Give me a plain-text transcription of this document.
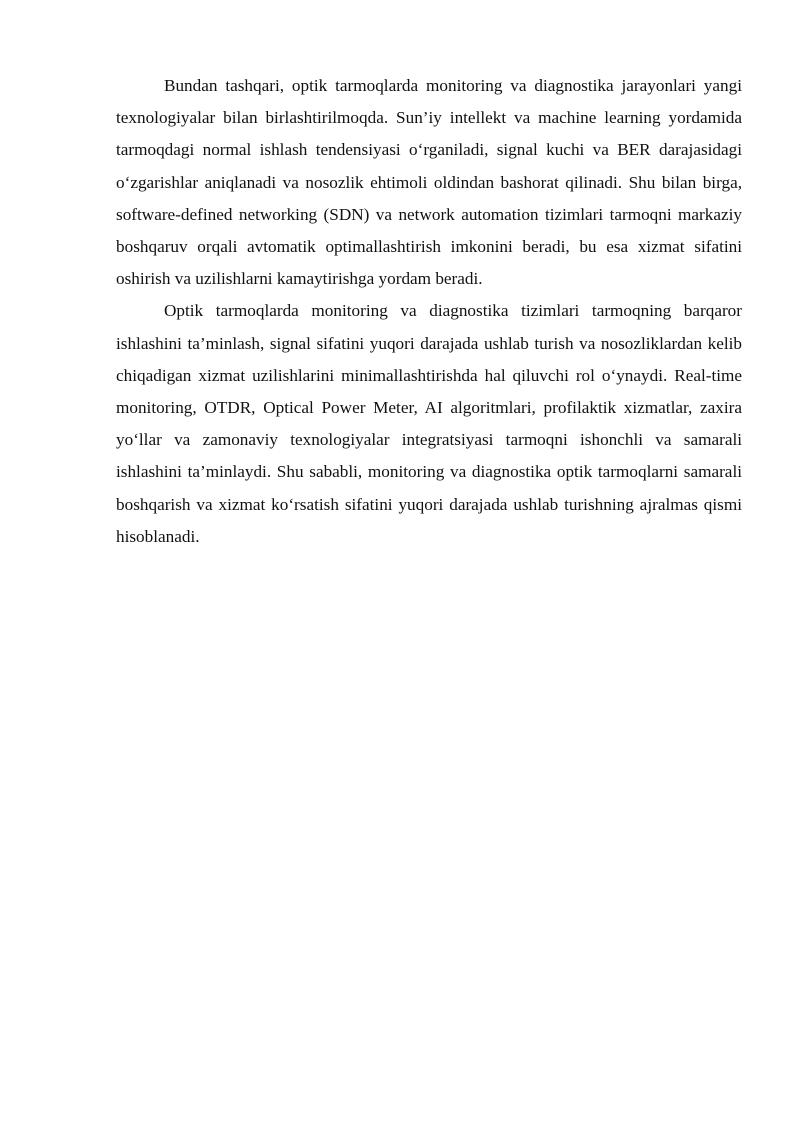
Bundan tashqari, optik tarmoqlarda monitoring va diagnostika jarayonlari yangi texnologiyalar bilan birlashtirilmoqda. Sun’iy intellekt va machine learning yordamida tarmoqdagi normal ishlash tendensiyasi o‘rganiladi, signal kuchi va BER darajasidagi o‘zgarishlar aniqlanadi va nosozlik ehtimoli oldindan bashorat qilinadi. Shu bilan birga, software-defined networking (SDN) va network automation tizimlari tarmoqni markaziy boshqaruv orqali avtomatik optimallashtirish imkonini beradi, bu esa xizmat sifatini oshirish va uzilishlarni kamaytirishga yordam beradi.

Optik tarmoqlarda monitoring va diagnostika tizimlari tarmoqning barqaror ishlashini ta’minlash, signal sifatini yuqori darajada ushlab turish va nosozliklardan kelib chiqadigan xizmat uzilishlarini minimallashtirishda hal qiluvchi rol o‘ynaydi. Real-time monitoring, OTDR, Optical Power Meter, AI algoritmlari, profilaktik xizmatlar, zaxira yo‘llar va zamonaviy texnologiyalar integratsiyasi tarmoqni ishonchli va samarali ishlashini ta’minlaydi. Shu sababli, monitoring va diagnostika optik tarmoqlarni samarali boshqarish va xizmat ko‘rsatish sifatini yuqori darajada ushlab turishning ajralmas qismi hisoblanadi.
